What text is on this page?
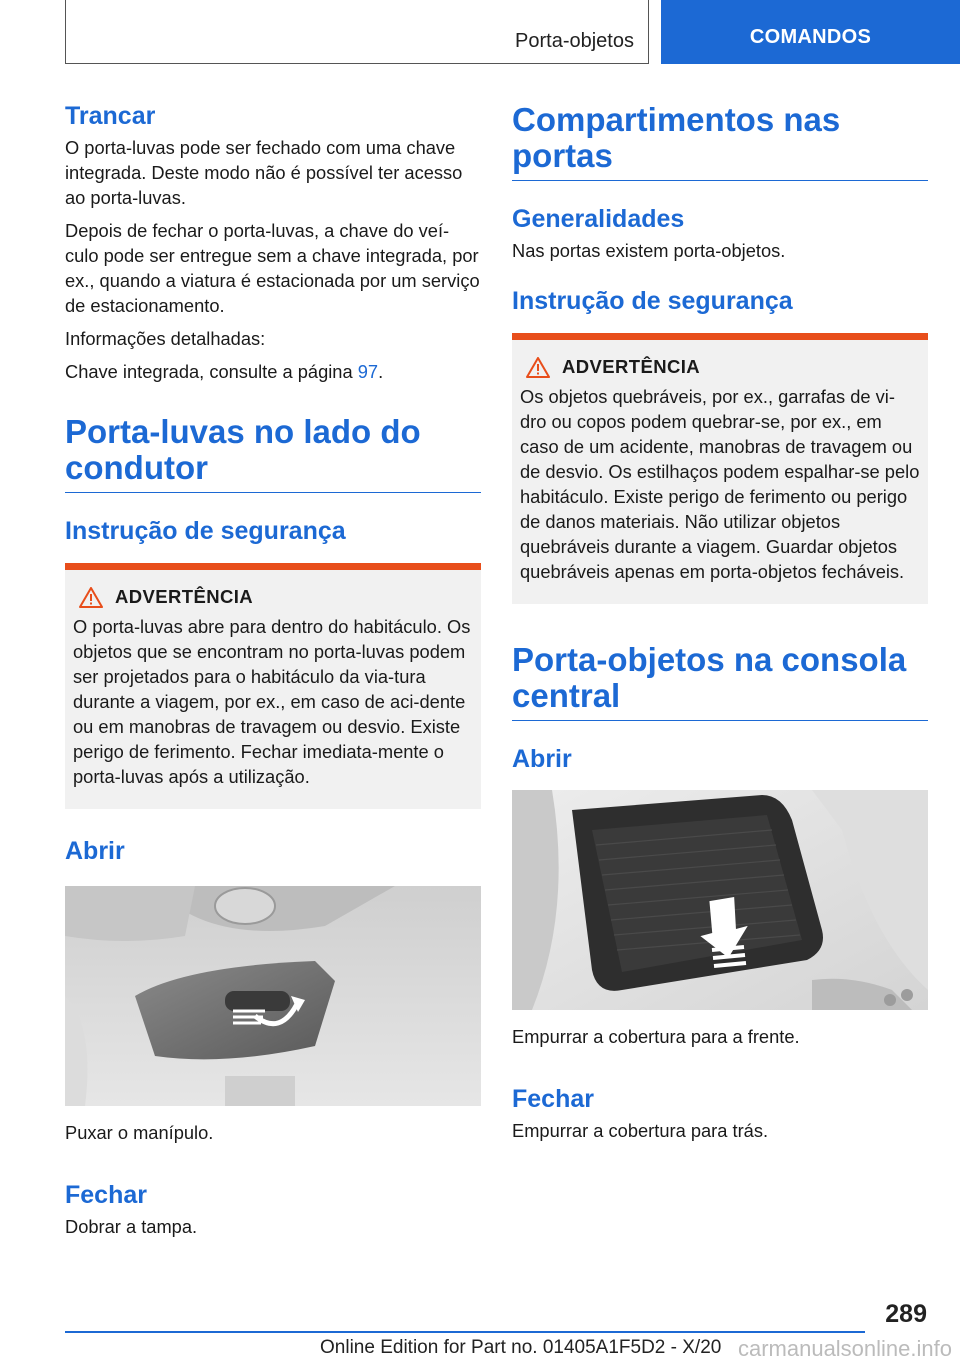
Porta-objetos	COMANDOS
Trancar

O porta-luvas pode ser fechado com uma chave integrada. Deste modo não é possível ter acesso ao porta-luvas.

Depois de fechar o porta-luvas, a chave do veí-culo pode ser entregue sem a chave integrada, por ex., quando a viatura é estacionada por um serviço de estacionamento.

Informações detalhadas:

Chave integrada, consulte a página 97.

Porta-luvas no lado do condutor
Instrução de segurança
ADVERTÊNCIA

O porta-luvas abre para dentro do habitáculo. Os objetos que se encontram no porta-luvas podem ser projetados para o habitáculo da via-tura durante a viagem, por ex., em caso de aci-dente ou em manobras de travagem ou desvio. Existe perigo de ferimento. Fechar imediata-mente o porta-luvas após a utilização.

Abrir

Puxar o manípulo.

Fechar

Dobrar a tampa.

Compartimentos nas portas
Generalidades

Nas portas existem porta-objetos.

Instrução de segurança
ADVERTÊNCIA

Os objetos quebráveis, por ex., garrafas de vi-dro ou copos podem quebrar-se, por ex., em caso de um acidente, manobras de travagem ou de desvio. Os estilhaços podem espalhar-se pelo habitáculo. Existe perigo de ferimento ou perigo de danos materiais. Não utilizar objetos quebráveis durante a viagem. Guardar objetos quebráveis apenas em porta-objetos fecháveis.

Porta-objetos na consola central
Abrir

Empurrar a cobertura para a frente.

Fechar

Empurrar a cobertura para trás.

289
Online Edition for Part no. 01405A1F5D2 - X/20 carmanualsonline.info
